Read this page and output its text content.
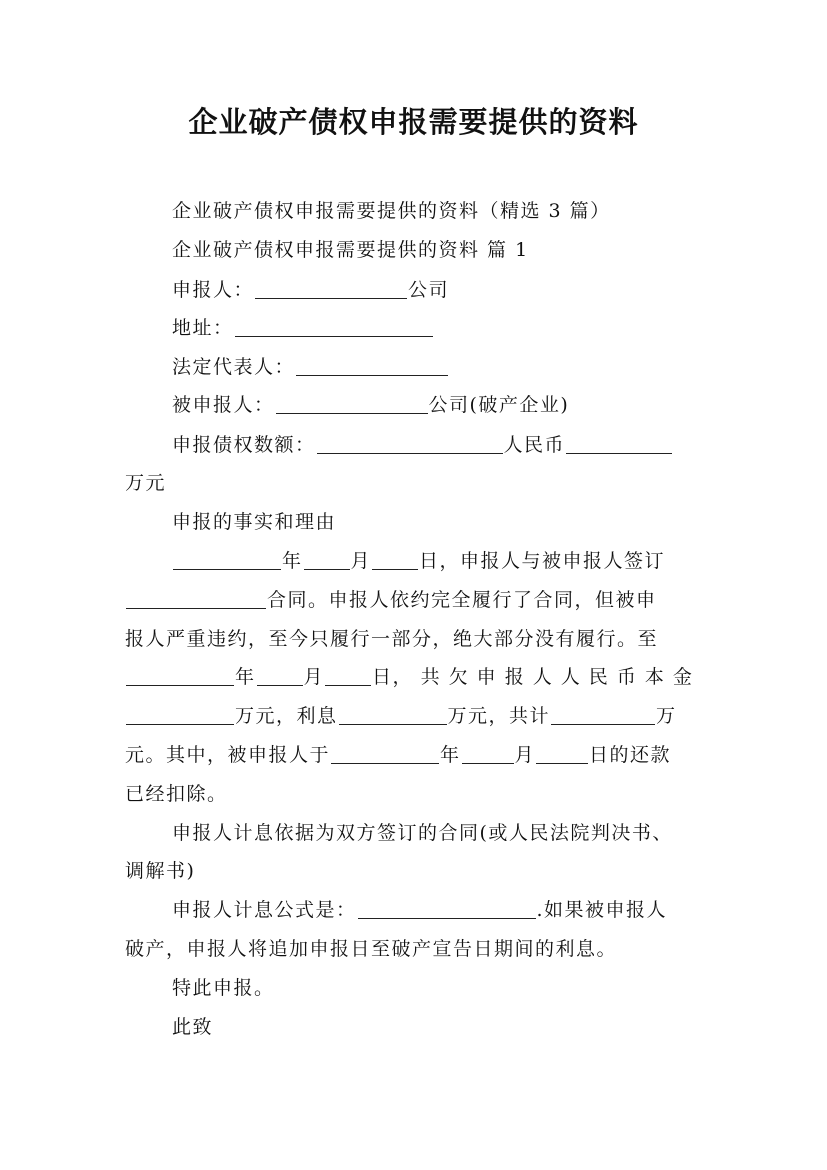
企业破产债权申报需要提供的资料
企业破产债权申报需要提供的资料（精选 3 篇）
企业破产债权申报需要提供的资料 篇 1
申报人：	公司
地址：
法定代表人：
被申报人：	公司(破产企业)
申报债权数额：	人民币
万元
申报的事实和理由
年	月	日，申报人与被申报人签订
合同。申报人依约完全履行了合同，但被申
报人严重违约，至今只履行一部分，绝大部分没有履行。至
年	月	日， 共 欠 申 报 人 人 民 币 本 金
万元，利息	万元，共计	万
元。其中，被申报人于	年	月	日的还款
已经扣除。
申报人计息依据为双方签订的合同(或人民法院判决书、
调解书)
申报人计息公式是：	.如果被申报人
破产，申报人将追加申报日至破产宣告日期间的利息。
特此申报。
此致
